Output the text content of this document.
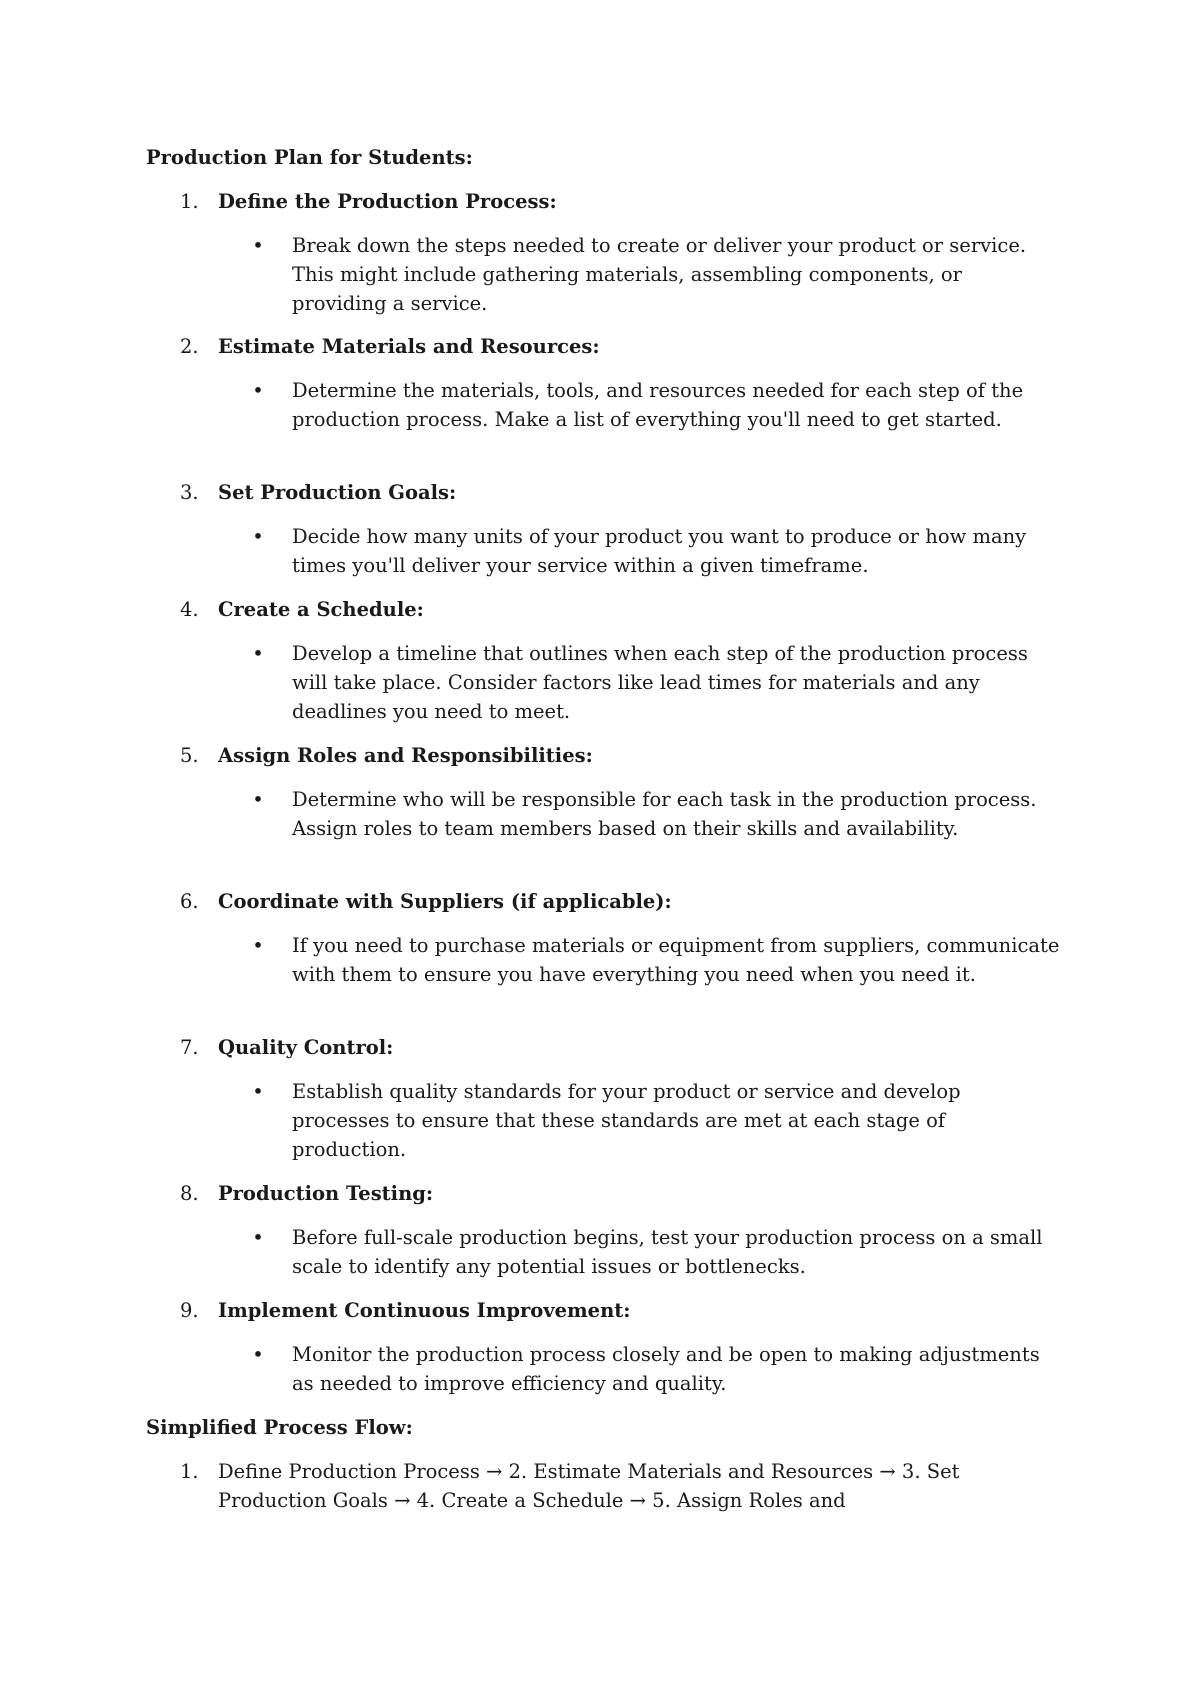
Production Plan for Students:
1. Define the Production Process:
• Break down the steps needed to create or deliver your product or service. This might include gathering materials, assembling components, or providing a service.
2. Estimate Materials and Resources:
• Determine the materials, tools, and resources needed for each step of the production process. Make a list of everything you'll need to get started.
3. Set Production Goals:
• Decide how many units of your product you want to produce or how many times you'll deliver your service within a given timeframe.
4. Create a Schedule:
• Develop a timeline that outlines when each step of the production process will take place. Consider factors like lead times for materials and any deadlines you need to meet.
5. Assign Roles and Responsibilities:
• Determine who will be responsible for each task in the production process. Assign roles to team members based on their skills and availability.
6. Coordinate with Suppliers (if applicable):
• If you need to purchase materials or equipment from suppliers, communicate with them to ensure you have everything you need when you need it.
7. Quality Control:
• Establish quality standards for your product or service and develop processes to ensure that these standards are met at each stage of production.
8. Production Testing:
• Before full-scale production begins, test your production process on a small scale to identify any potential issues or bottlenecks.
9. Implement Continuous Improvement:
• Monitor the production process closely and be open to making adjustments as needed to improve efficiency and quality.
Simplified Process Flow:
1. Define Production Process → 2. Estimate Materials and Resources → 3. Set Production Goals → 4. Create a Schedule → 5. Assign Roles and
